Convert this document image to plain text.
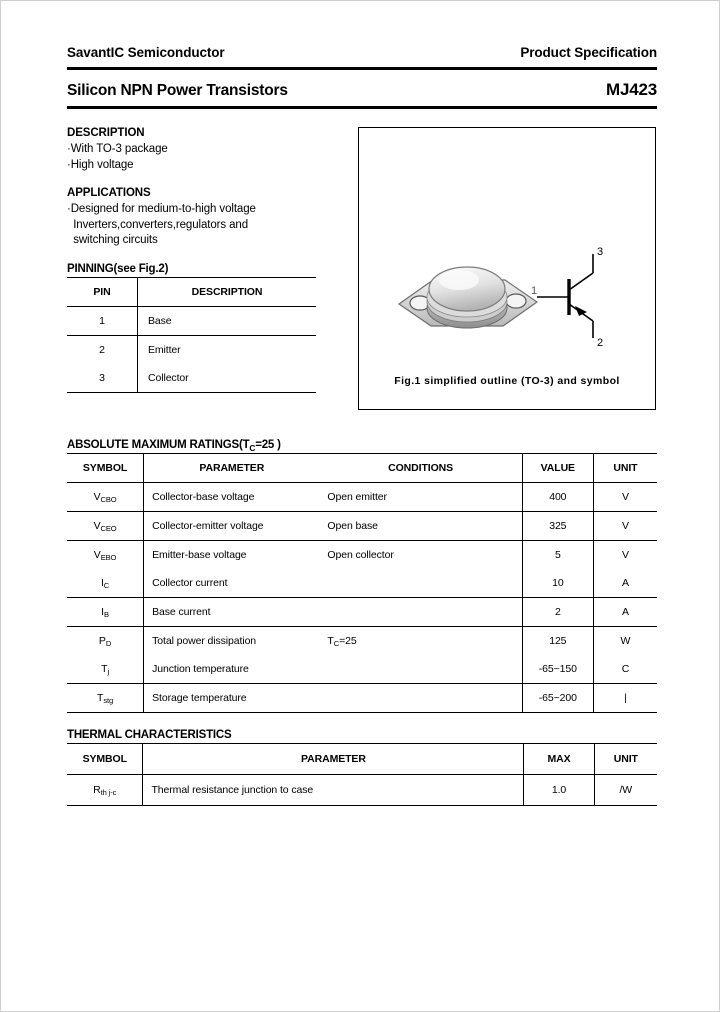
SavantIC Semiconductor	Product Specification
Silicon NPN Power Transistors	MJ423
DESCRIPTION
·With TO-3 package
·High voltage
APPLICATIONS
·Designed for medium-to-high voltage
Inverters,converters,regulators and
switching circuits
PINNING(see Fig.2)
PIN	DESCRIPTION
1	Base
2	Emitter
3	Collector
1
3
2
Fig.1 simplified outline (TO-3) and symbol
ABSOLUTE MAXIMUM $RATINGS(T_C=25$ )
SYMBOL	PARAMETER	CONDITIONS	VALUE	UNIT
$V_{CBO}$	Collector-base voltage	Open emitter	400	V
$V_{CEO}$	Collector-emitter voltage	Open base	325	V
$V_{EBO}$	Emitter-base voltage	Open collector	5	V
$I_C$	Collector current		10	A
$I_B$	Base current		2	A
$P_D$	Total power dissipation	$T_C=25$	125	W
$T_j$	Junction temperature		-65~150	C
$T_{stg}$	Storage temperature		-65~200	|
THERMAL CHARACTERISTICS
SYMBOL	PARAMETER	MAX	UNIT
$R_{th j-c}$	Thermal resistance junction to case	1.0	/W
